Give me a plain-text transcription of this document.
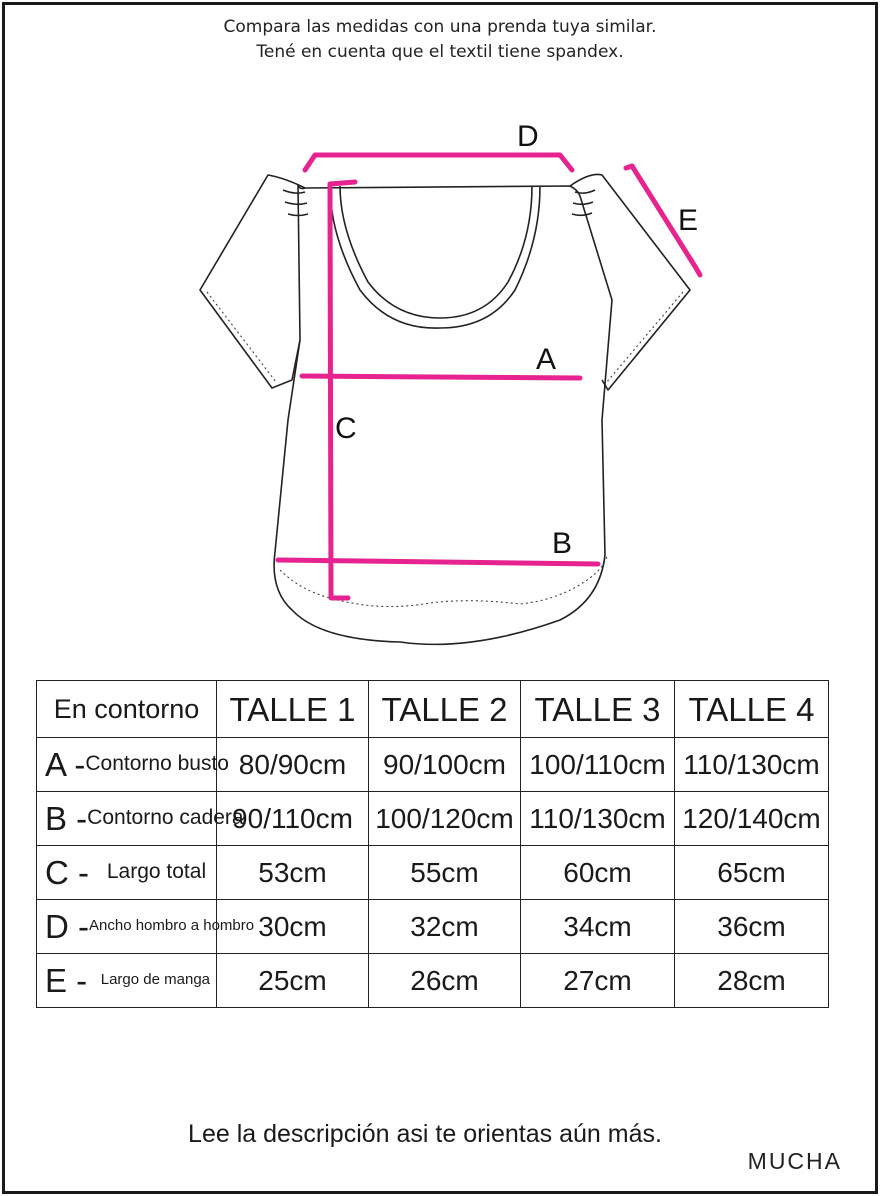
Compara las medidas con una prenda tuya similar.
Tené en cuenta que el textil tiene spandex.
D
E
A
C
B
En contorno	TALLE 1	TALLE 2	TALLE 3	TALLE 4

A - Contorno busto	80/90cm	90/100cm	100/110cm	110/130cm

B - Contorno cadera	90/110cm	100/120cm	110/130cm	120/140cm

C - Largo total	53cm	55cm	60cm	65cm

D - Ancho hombro a hombro	30cm	32cm	34cm	36cm

E - Largo de manga	25cm	26cm	27cm	28cm
Lee la descripción asi te orientas aún más.
MUCHA
